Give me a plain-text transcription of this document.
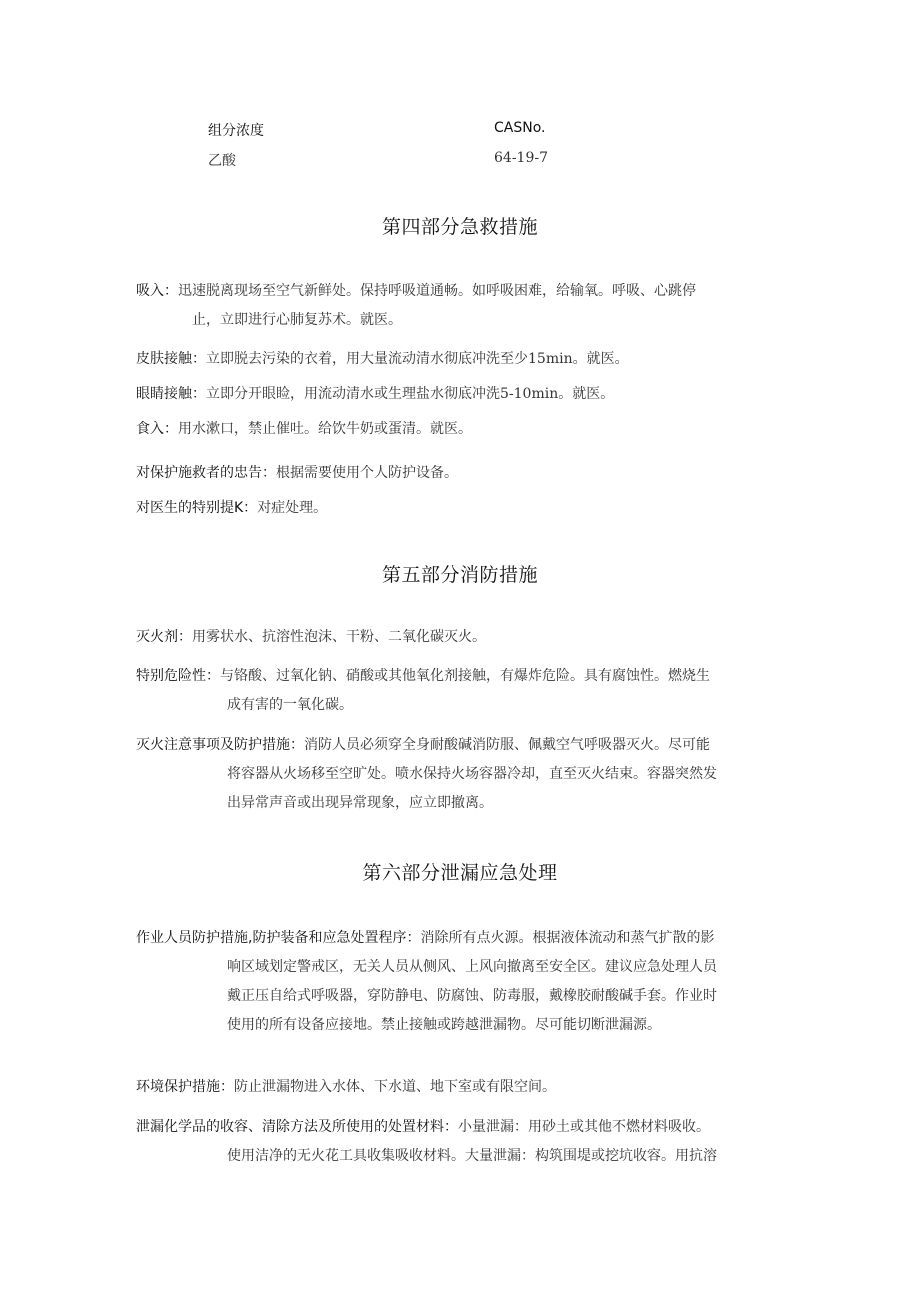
组分浓度	CASNo.
乙酸	64-19-7
第四部分急救措施
吸入：迅速脱离现场至空气新鲜处。保持呼吸道通畅。如呼吸困难，给输氧。呼吸、心跳停
止，立即进行心肺复苏术。就医。
皮肤接触：立即脱去污染的衣着，用大量流动清水彻底冲洗至少15min。就医。
眼睛接触：立即分开眼睑，用流动清水或生理盐水彻底冲洗5-10min。就医。
食入：用水漱口，禁止催吐。给饮牛奶或蛋清。就医。
对保护施救者的忠告：根据需要使用个人防护设备。
对医生的特别提K：对症处理。
第五部分消防措施
灭火剂：用雾状水、抗溶性泡沫、干粉、二氧化碳灭火。
特别危险性：与铬酸、过氧化钠、硝酸或其他氧化剂接触，有爆炸危险。具有腐蚀性。燃烧生
成有害的一氧化碳。
灭火注意事项及防护措施：消防人员必须穿全身耐酸碱消防服、佩戴空气呼吸器灭火。尽可能
将容器从火场移至空旷处。喷水保持火场容器冷却，直至灭火结束。容器突然发
出异常声音或出现异常现象，应立即撤离。
第六部分泄漏应急处理
作业人员防护措施,防护装备和应急处置程序：消除所有点火源。根据液体流动和蒸气扩散的影
响区域划定警戒区，无关人员从侧风、上风向撤离至安全区。建议应急处理人员
戴正压自给式呼吸器，穿防静电、防腐蚀、防毒服，戴橡胶耐酸碱手套。作业时
使用的所有设备应接地。禁止接触或跨越泄漏物。尽可能切断泄漏源。
环境保护措施：防止泄漏物进入水体、下水道、地下室或有限空间。
泄漏化学品的收容、清除方法及所使用的处置材料：小量泄漏：用砂土或其他不燃材料吸收。
使用洁净的无火花工具收集吸收材料。大量泄漏：构筑围堤或挖坑收容。用抗溶
